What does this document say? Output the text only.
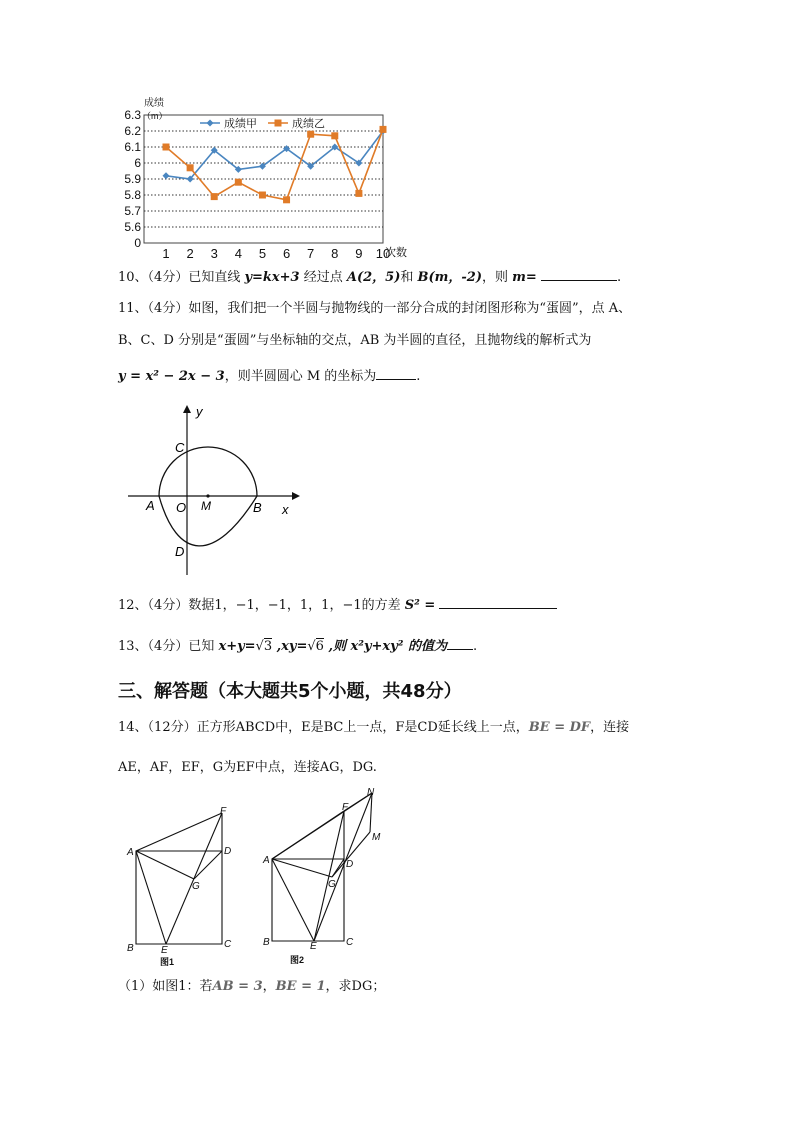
0
5.6
5.7
5.8
5.9
6
6.1
6.2
6.3
1 2 3 4 5 6 7 8 9 10
成绩
（m）
次数
成绩甲	成绩乙
10、（4分）已知直线 y=kx+3 经过点 A(2，5)和 B(m，-2)，则 m=	.
11、（4分）如图，我们把一个半圆与抛物线的一部分合成的封闭图形称为“蛋圆”，点 A、
B、C、D 分别是“蛋圆”与坐标轴的交点，AB 为半圆的直径，且抛物线的解析式为
y = x² − 2x − 3，则半圆圆心 M 的坐标为	.
y
x
C
A O M	B
D
12、（4分）数据1，−1，−1，1，1，−1的方差 S² =
13、（4分）已知 x+y=√3 ,xy=√6 ,则 x²y+xy² 的值为 .
三、解答题（本大题共5个小题，共48分）
14、（12分）正方形ABCD中，E是BC上一点，F是CD延长线上一点，BE = DF，连接
AE，AF，EF，G为EF中点，连接AG，DG.
F
A	D
G
B	E
C
图1
F
N
M
A	D
G
B	E	C
图2
（1）如图1：若AB = 3，BE = 1，求DG；
